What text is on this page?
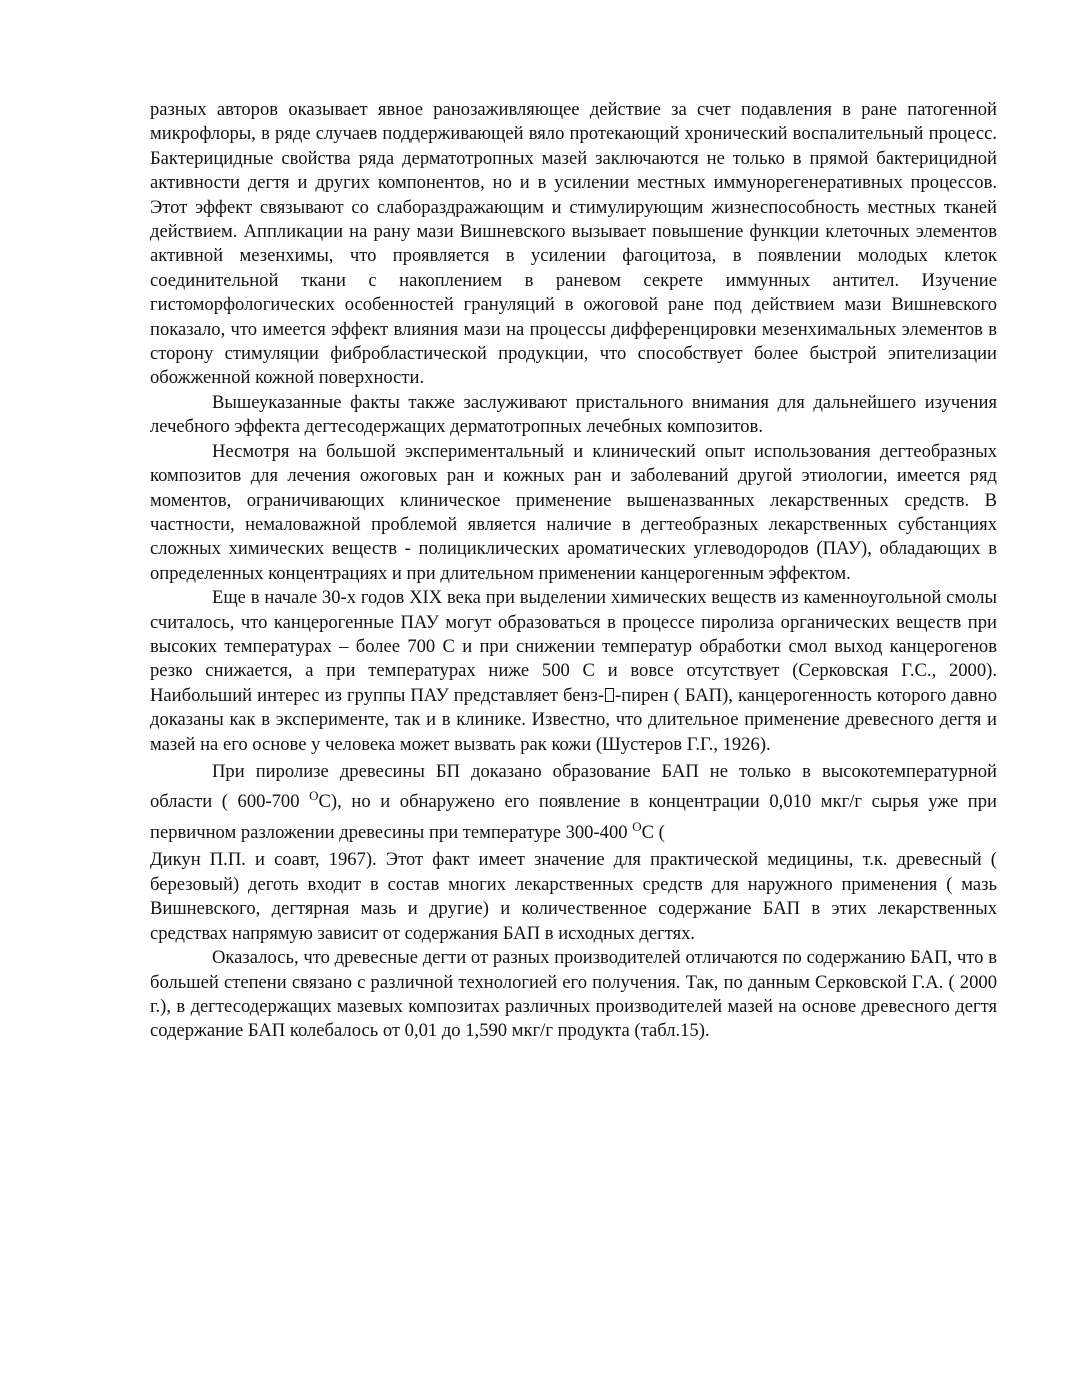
разных авторов оказывает явное ранозаживляющее действие за счет подавления в ране патогенной микрофлоры, в ряде случаев поддерживающей вяло протекающий хронический воспалительный процесс. Бактерицидные свойства ряда дерматотропных мазей заключаются не только в прямой бактерицидной активности дегтя и других компонентов, но и в усилении местных иммунорегенеративных процессов. Этот эффект связывают со слабораздражающим и стимулирующим жизнеспособность местных тканей действием. Аппликации на рану мази Вишневского вызывает повышение функции клеточных элементов активной мезенхимы, что проявляется в усилении фагоцитоза, в появлении молодых клеток соединительной ткани с накоплением в раневом секрете иммунных антител. Изучение гистоморфологических особенностей грануляций в ожоговой ране под действием мази Вишневского показало, что имеется эффект влияния мази на процессы дифференцировки мезенхимальных элементов в сторону стимуляции фибробластической продукции, что способствует более быстрой эпителизации обожженной кожной поверхности.

Вышеуказанные факты также заслуживают пристального внимания для дальнейшего изучения лечебного эффекта дегтесодержащих дерматотропных лечебных композитов.

Несмотря на большой экспериментальный и клинический опыт использования дегтеобразных композитов для лечения ожоговых ран и кожных ран и заболеваний другой этиологии, имеется ряд моментов, ограничивающих клиническое применение вышеназванных лекарственных средств. В частности, немаловажной проблемой является наличие в дегтеобразных лекарственных субстанциях сложных химических веществ - полициклических ароматических углеводородов (ПАУ), обладающих в определенных концентрациях и при длительном применении канцерогенным эффектом.

Еще в начале 30-х годов XIX века при выделении химических веществ из каменноугольной смолы считалось, что канцерогенные ПАУ могут образоваться в процессе пиролиза органических веществ при высоких температурах – более 700 С и при снижении температур обработки смол выход канцерогенов резко снижается, а при температурах ниже 500 С и вовсе отсутствует (Серковская Г.С., 2000). Наибольший интерес из группы ПАУ представляет бенз- -пирен ( БАП), канцерогенность которого давно доказаны как в эксперименте, так и в клинике. Известно, что длительное применение древесного дегтя и мазей на его основе у человека может вызвать рак кожи (Шустеров Г.Г., 1926).

При пиролизе древесины БП доказано образование БАП не только в высокотемпературной области ( 600-700 $^О$С), но и обнаружено его появление в концентрации 0,010 мкг/г сырья уже при первичном разложении древесины при температуре 300-400 $^О$С (

Дикун П.П. и соавт, 1967). Этот факт имеет значение для практической медицины, т.к. древесный ( березовый) деготь входит в состав многих лекарственных средств для наружного применения ( мазь Вишневского, дегтярная мазь и другие) и количественное содержание БАП в этих лекарственных средствах напрямую зависит от содержания БАП в исходных дегтях.

Оказалось, что древесные дегти от разных производителей отличаются по содержанию БАП, что в большей степени связано с различной технологией его получения. Так, по данным Серковской Г.А. ( 2000 г.), в дегтесодержащих мазевых композитах различных производителей мазей на основе древесного дегтя содержание БАП колебалось от 0,01 до 1,590 мкг/г продукта (табл.15).
